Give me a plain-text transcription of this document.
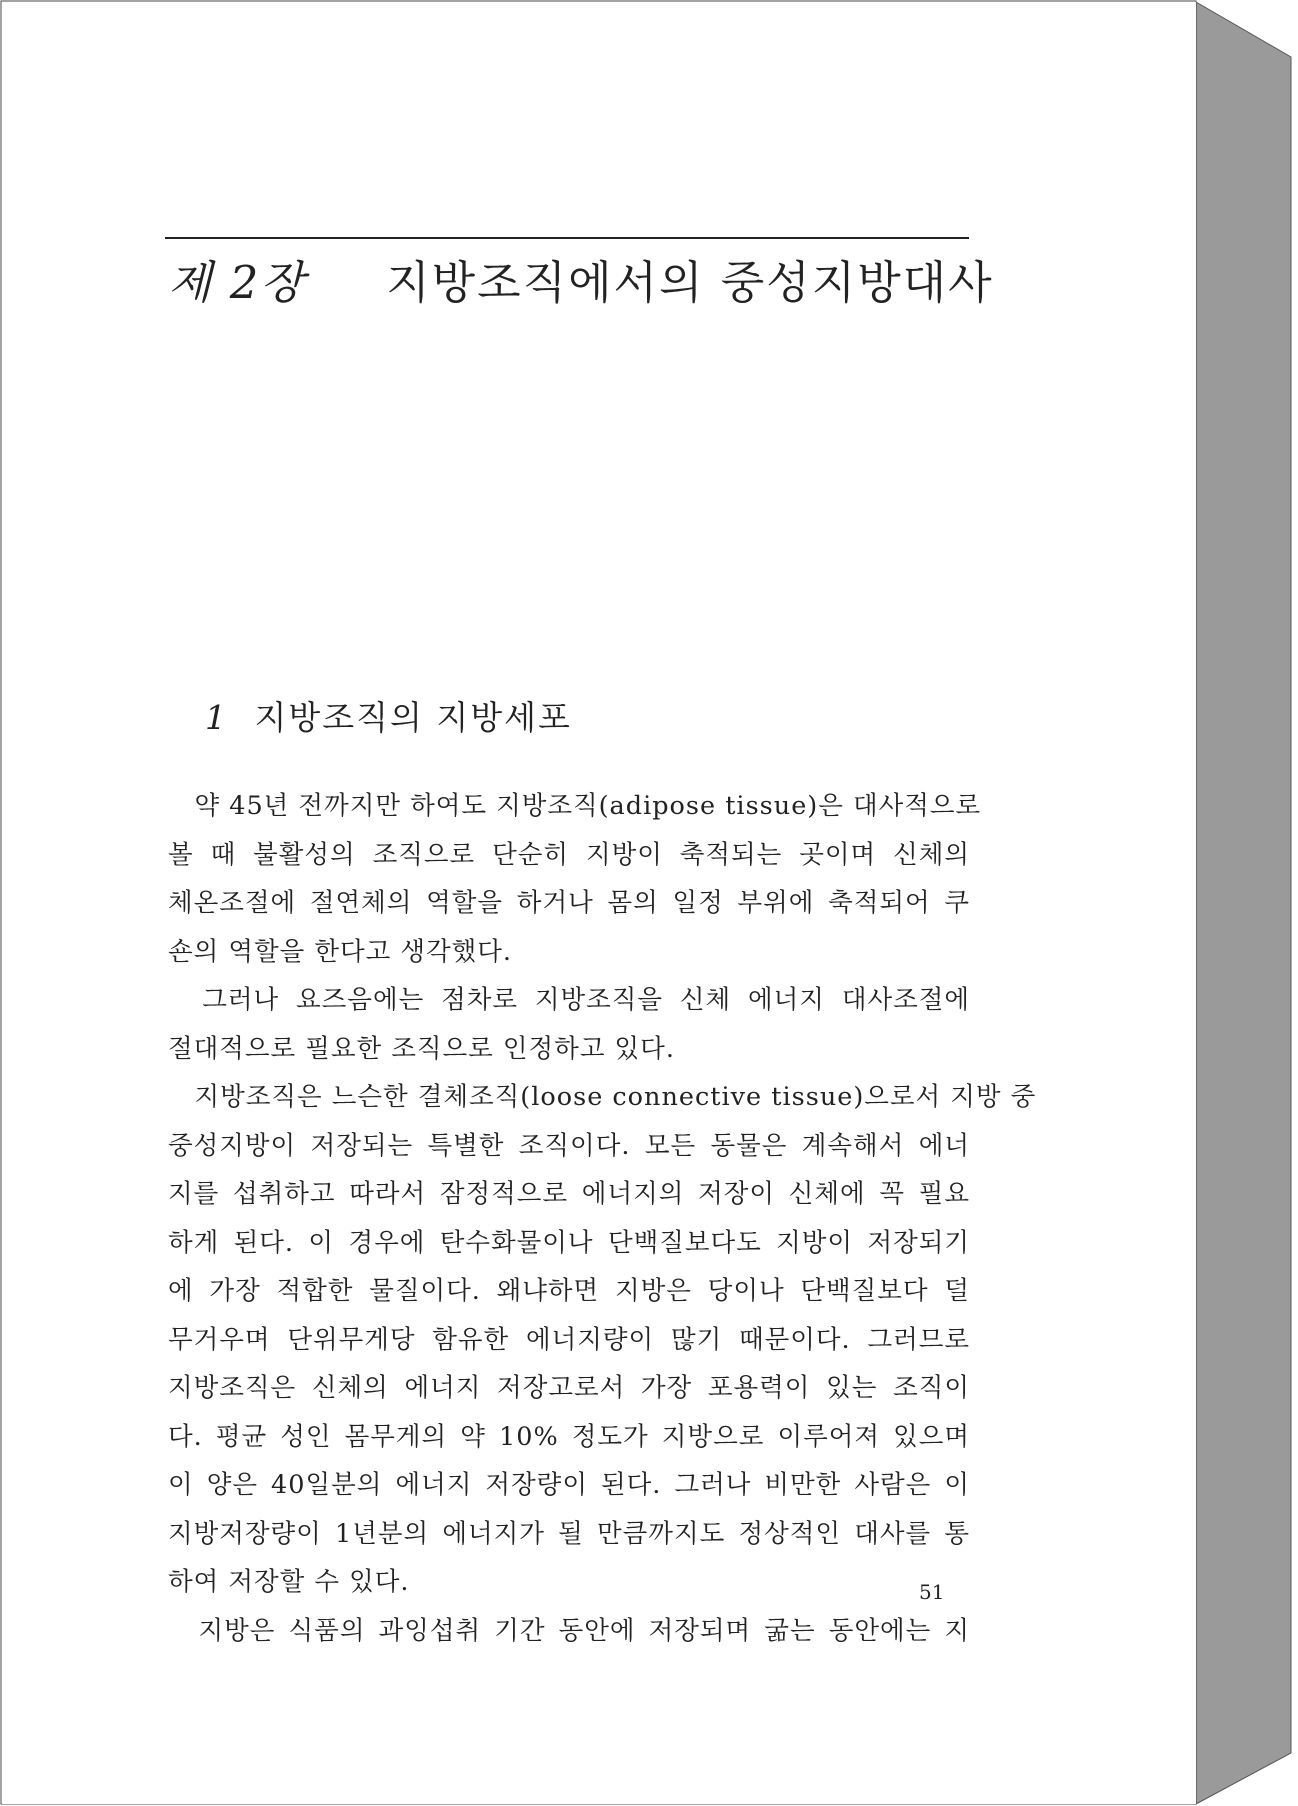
제 2장 지방조직에서의 중성지방대사
1 지방조직의 지방세포
　약 45년 전까지만 하여도 지방조직(adipose tissue)은 대사적으로
볼 때 불활성의 조직으로 단순히 지방이 축적되는 곳이며 신체의
체온조절에 절연체의 역할을 하거나 몸의 일정 부위에 축적되어 쿠
숀의 역할을 한다고 생각했다.
　그러나 요즈음에는 점차로 지방조직을 신체 에너지 대사조절에
절대적으로 필요한 조직으로 인정하고 있다.
　지방조직은 느슨한 결체조직(loose connective tissue)으로서 지방 중
중성지방이 저장되는 특별한 조직이다. 모든 동물은 계속해서 에너
지를 섭취하고 따라서 잠정적으로 에너지의 저장이 신체에 꼭 필요
하게 된다. 이 경우에 탄수화물이나 단백질보다도 지방이 저장되기
에 가장 적합한 물질이다. 왜냐하면 지방은 당이나 단백질보다 덜
무거우며 단위무게당 함유한 에너지량이 많기 때문이다. 그러므로
지방조직은 신체의 에너지 저장고로서 가장 포용력이 있는 조직이
다. 평균 성인 몸무게의 약 10% 정도가 지방으로 이루어져 있으며
이 양은 40일분의 에너지 저장량이 된다. 그러나 비만한 사람은 이
지방저장량이 1년분의 에너지가 될 만큼까지도 정상적인 대사를 통
하여 저장할 수 있다.
　지방은 식품의 과잉섭취 기간 동안에 저장되며 굶는 동안에는 지
51
